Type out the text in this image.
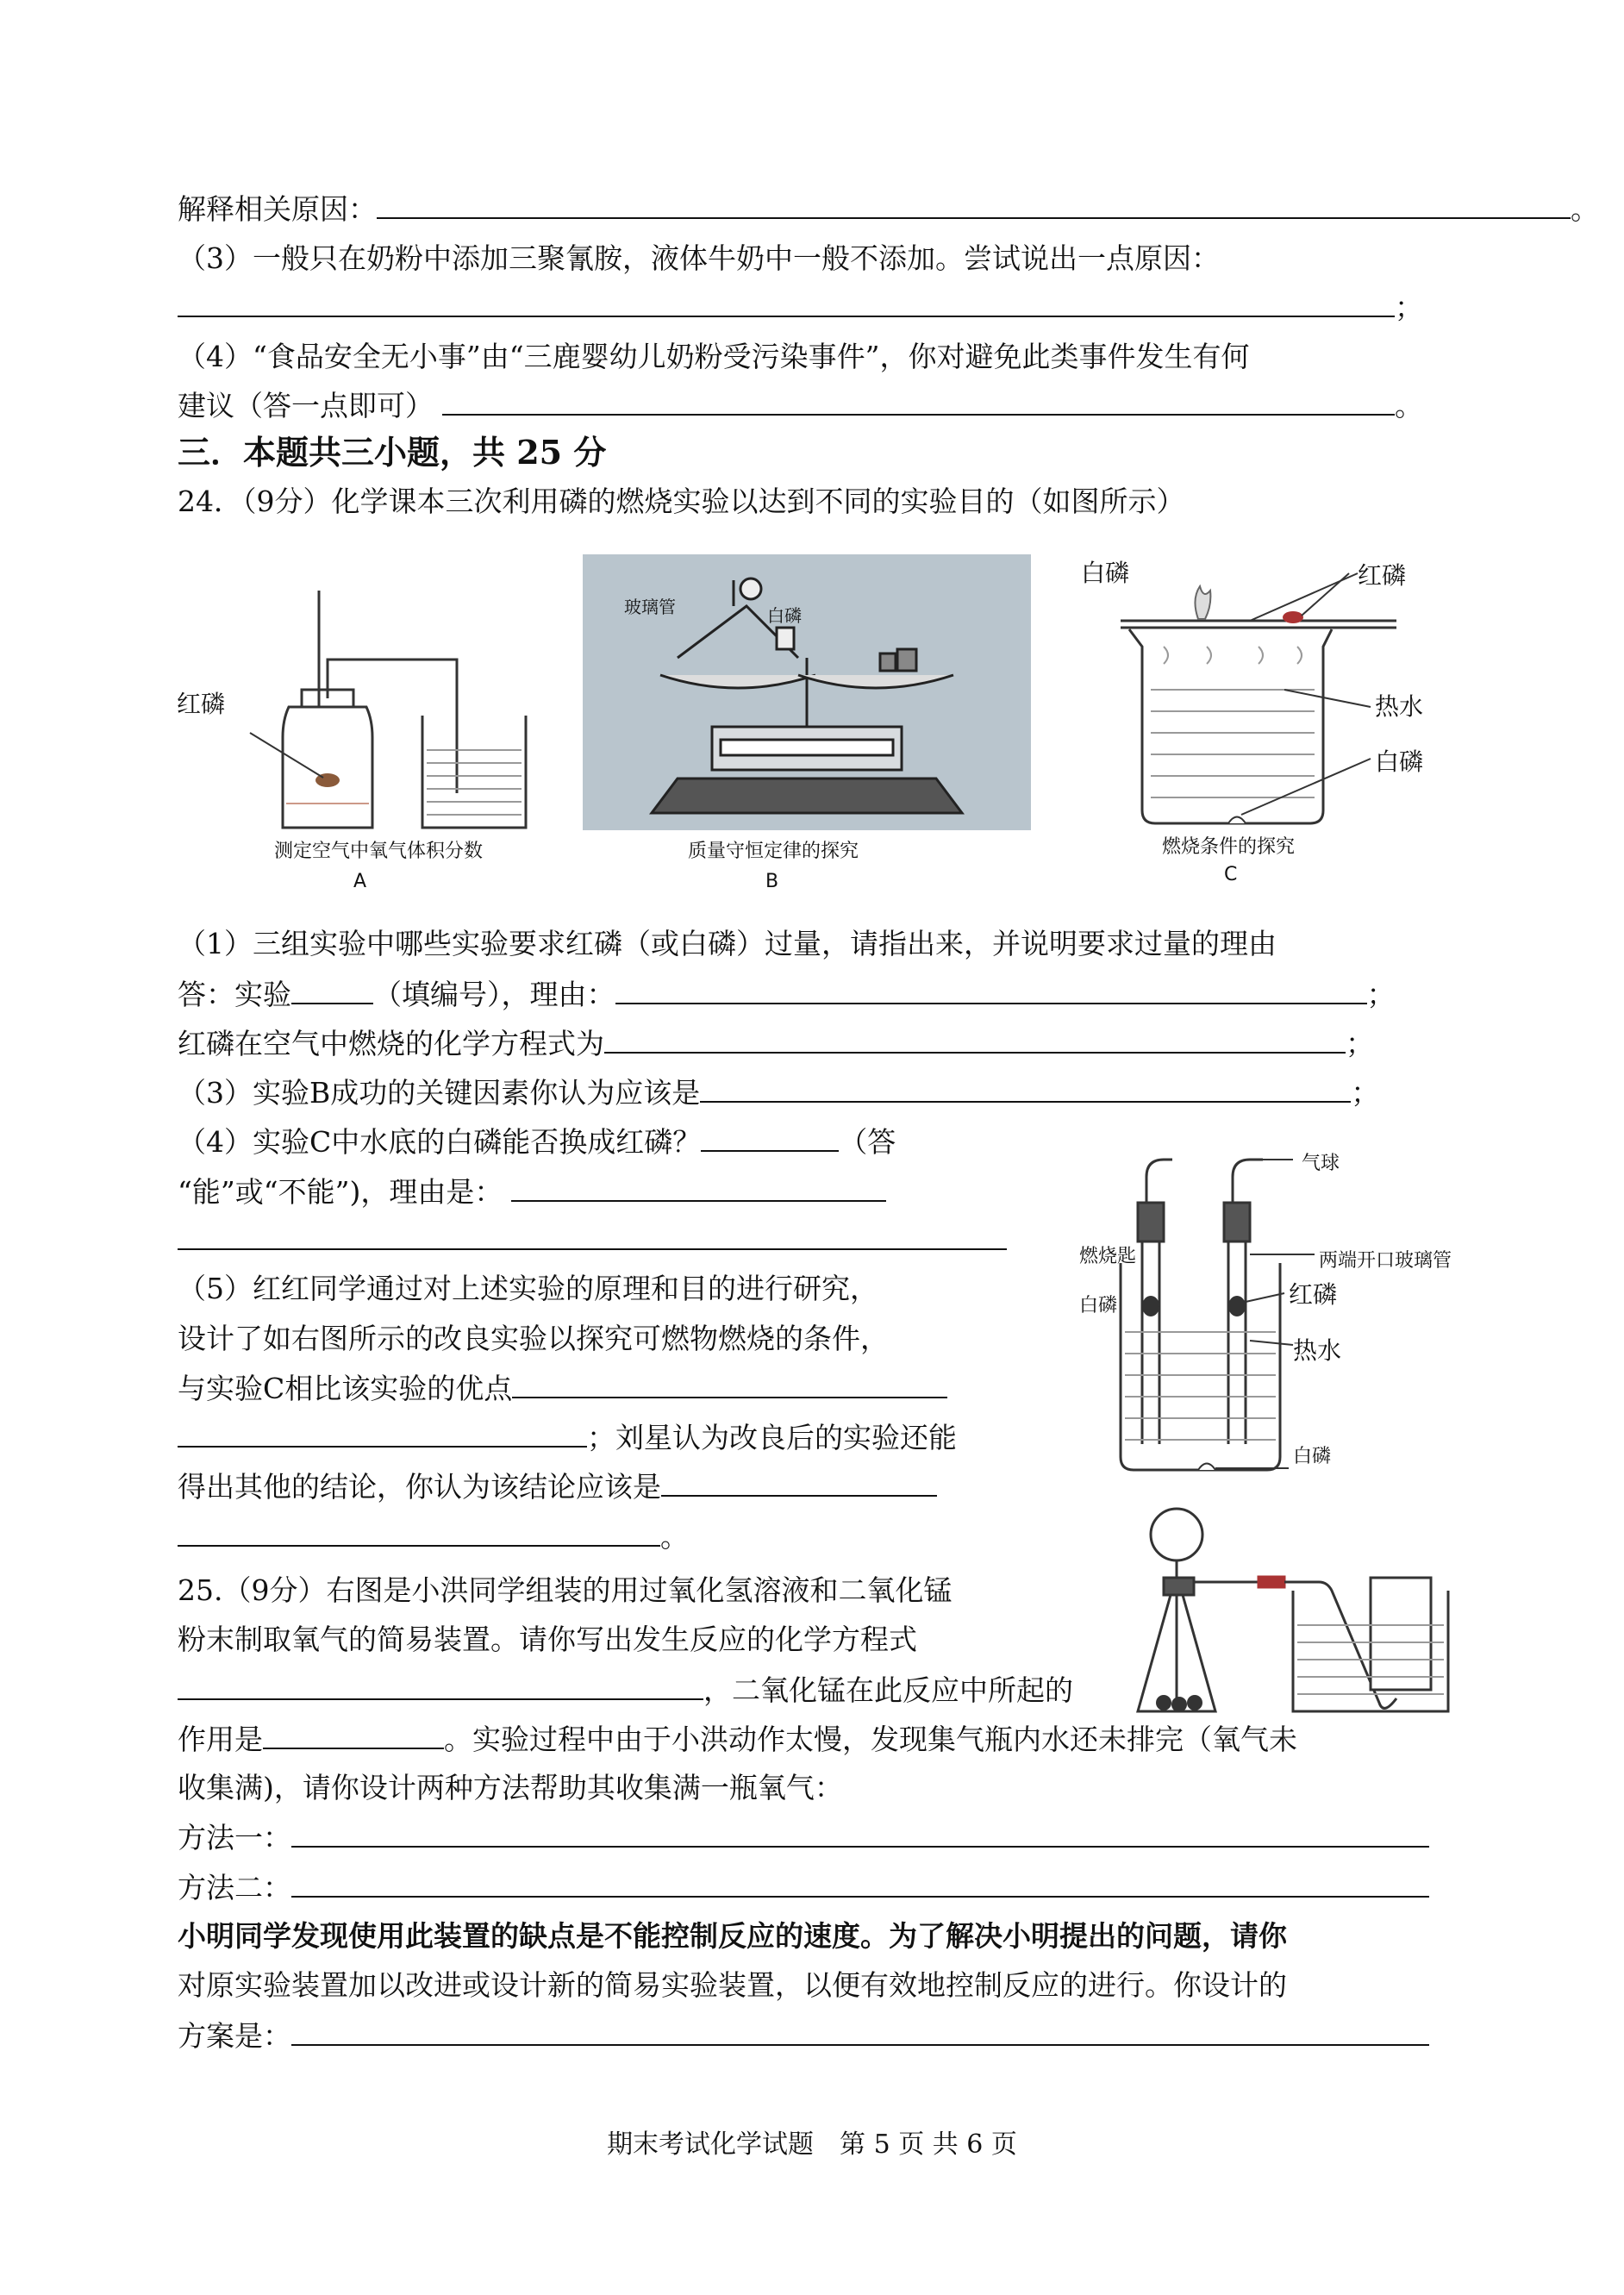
解释相关原因：	。
（3）一般只在奶粉中添加三聚氰胺，液体牛奶中一般不添加。尝试说出一点原因：
；
（4）“食品安全无小事”由“三鹿婴幼儿奶粉受污染事件”，你对避免此类事件发生有何
建议（答一点即可）	。
三．本题共三小题，共 25 分
24．（9分）化学课本三次利用磷的燃烧实验以达到不同的实验目的（如图所示）
红磷
测定空气中氧气体积分数
A
玻璃管	白磷
质量守恒定律的探究
B
白磷	红磷
热水
白磷
燃烧条件的探究
C
（1）三组实验中哪些实验要求红磷（或白磷）过量，请指出来，并说明要求过量的理由
答：实验	（填编号），理由：	；
红磷在空气中燃烧的化学方程式为	；
（3）实验B成功的关键因素你认为应该是	；
（4）实验C中水底的白磷能否换成红磷？	（答
“能”或“不能”)，理由是：
（5）红红同学通过对上述实验的原理和目的进行研究，
设计了如右图所示的改良实验以探究可燃物燃烧的条件，
与实验C相比该实验的优点
；刘星认为改良后的实验还能
得出其他的结论，你认为该结论应该是
。
气球
燃烧匙	两端开口玻璃管
白磷	红磷
热水
白磷
25.（9分）右图是小洪同学组装的用过氧化氢溶液和二氧化锰
粉末制取氧气的简易装置。请你写出发生反应的化学方程式
，二氧化锰在此反应中所起的
作用是	。实验过程中由于小洪动作太慢，发现集气瓶内水还未排完（氧气未
收集满)，请你设计两种方法帮助其收集满一瓶氧气：
方法一：
方法二：
小明同学发现使用此装置的缺点是不能控制反应的速度。为了解决小明提出的问题，请你
对原实验装置加以改进或设计新的简易实验装置，以便有效地控制反应的进行。你设计的
方案是：
期末考试化学试题　第 5 页 共 6 页
